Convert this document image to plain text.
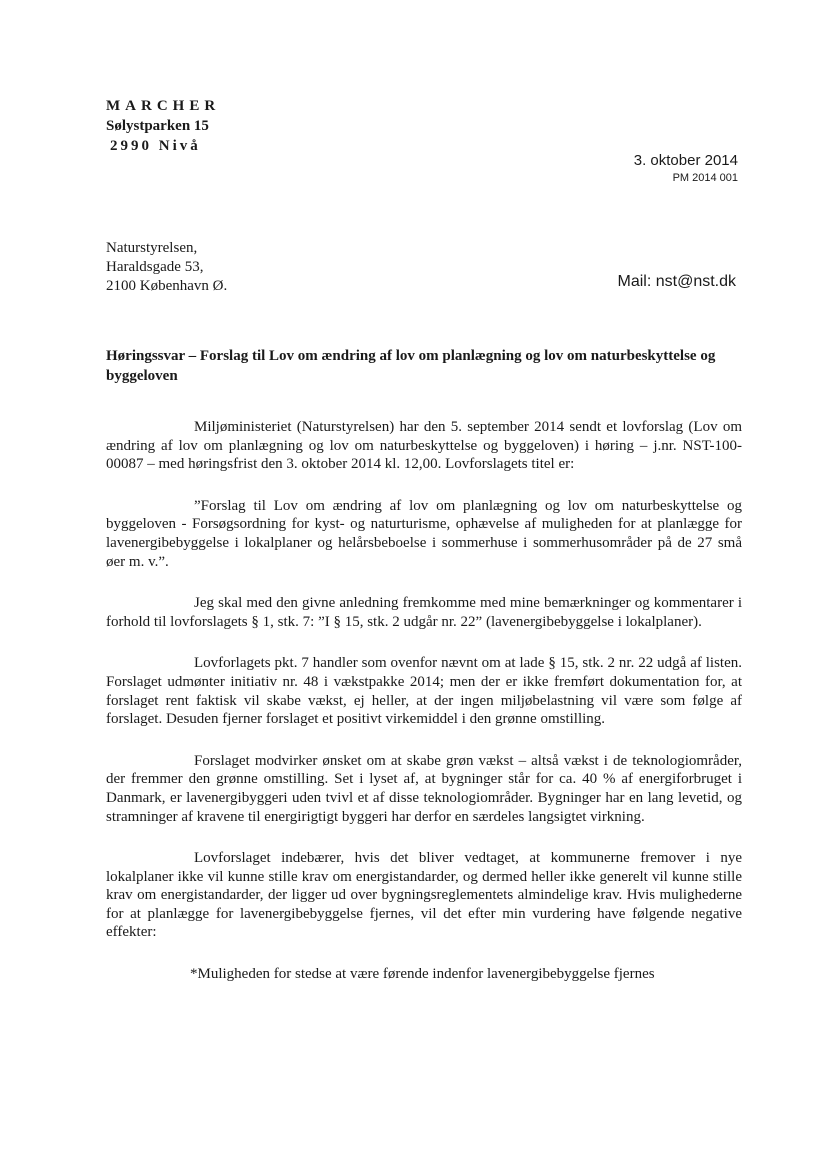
MARCHER
Sølystparken 15
2990 Nivå
3. oktober 2014
PM 2014 001
Naturstyrelsen,
Haraldsgade 53,
2100 København Ø.	Mail: nst@nst.dk
Høringssvar – Forslag til Lov om ændring af lov om planlægning og lov om naturbeskyttelse og byggeloven

Miljøministeriet (Naturstyrelsen) har den 5. september 2014 sendt et lovforslag (Lov om ændring af lov om planlægning og lov om naturbeskyttelse og byggeloven) i høring – j.nr. NST-100-00087 – med høringsfrist den 3. oktober 2014 kl. 12,00. Lovforslagets titel er:

”Forslag til Lov om ændring af lov om planlægning og lov om naturbeskyttelse og byggeloven - Forsøgsordning for kyst- og naturturisme, ophævelse af muligheden for at planlægge for lavenergibebyggelse i lokalplaner og helårsbeboelse i sommerhuse i sommerhusområder på de 27 små øer m. v.”.

Jeg skal med den givne anledning fremkomme med mine bemærkninger og kommentarer i forhold til lovforslagets § 1, stk. 7: ”I § 15, stk. 2 udgår nr. 22” (lavenergibebyggelse i lokalplaner).

Lovforlagets pkt. 7 handler som ovenfor nævnt om at lade § 15, stk. 2 nr. 22 udgå af listen. Forslaget udmønter initiativ nr. 48 i vækstpakke 2014; men der er ikke fremført dokumentation for, at forslaget rent faktisk vil skabe vækst, ej heller, at der ingen miljøbelastning vil være som følge af forslaget. Desuden fjerner forslaget et positivt virkemiddel i den grønne omstilling.

Forslaget modvirker ønsket om at skabe grøn vækst – altså vækst i de teknologiområder, der fremmer den grønne omstilling. Set i lyset af, at bygninger står for ca. 40 % af energiforbruget i Danmark, er lavenergibyggeri uden tvivl et af disse teknologiområder. Bygninger har en lang levetid, og stramninger af kravene til energirigtigt byggeri har derfor en særdeles langsigtet virkning.

Lovforslaget indebærer, hvis det bliver vedtaget, at kommunerne fremover i nye lokalplaner ikke vil kunne stille krav om energistandarder, og dermed heller ikke generelt vil kunne stille krav om energistandarder, der ligger ud over bygningsreglementets almindelige krav. Hvis mulighederne for at planlægge for lavenergibebyggelse fjernes, vil det efter min vurdering have følgende negative effekter:

*Muligheden for stedse at være førende indenfor lavenergibebyggelse fjernes
